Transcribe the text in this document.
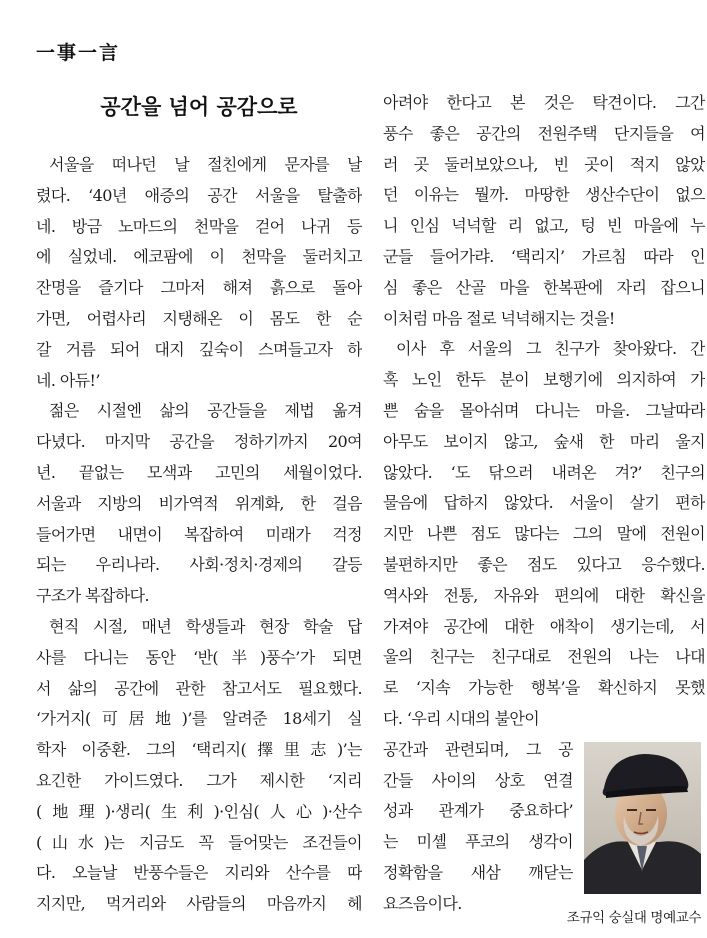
一事一言
공간을 넘어 공감으로
서울을 떠나던 날 절친에게 문자를 날
렸다. ‘40년 애증의 공간 서울을 탈출하
네. 방금 노마드의 천막을 걷어 나귀 등
에 실었네. 에코팜에 이 천막을 둘러치고
잔명을 즐기다 그마저 해져 흙으로 돌아
가면, 어렵사리 지탱해온 이 몸도 한 순
갈 거름 되어 대지 깊숙이 스며들고자 하
네. 아듀!’
젊은 시절엔 삶의 공간들을 제법 옮겨
다녔다. 마지막 공간을 정하기까지 20여
년. 끝없는 모색과 고민의 세월이었다.
서울과 지방의 비가역적 위계화, 한 걸음
들어가면 내면이 복잡하여 미래가 걱정
되는 우리나라. 사회·정치·경제의 갈등
구조가 복잡하다.
현직 시절, 매년 학생들과 현장 학술 답
사를 다니는 동안 ‘반(半)풍수’가 되면
서 삶의 공간에 관한 참고서도 필요했다.
‘가거지(可居地)’를 알려준 18세기 실
학자 이중환. 그의 ‘택리지(擇里志)’는
요긴한 가이드였다. 그가 제시한 ‘지리
(地理)·생리(生利)·인심(人心)·산수
(山水)는 지금도 꼭 들어맞는 조건들이
다. 오늘날 반풍수들은 지리와 산수를 따
지지만, 먹거리와 사람들의 마음까지 헤
아려야 한다고 본 것은 탁견이다. 그간
풍수 좋은 공간의 전원주택 단지들을 여
러 곳 둘러보았으나, 빈 곳이 적지 않았
던 이유는 뭘까. 마땅한 생산수단이 없으
니 인심 넉넉할 리 없고, 텅 빈 마을에 누
군들 들어가랴. ‘택리지’ 가르침 따라 인
심 좋은 산골 마을 한복판에 자리 잡으니
이처럼 마음 절로 넉넉해지는 것을!
이사 후 서울의 그 친구가 찾아왔다. 간
혹 노인 한두 분이 보행기에 의지하여 가
쁜 숨을 몰아쉬며 다니는 마을. 그날따라
아무도 보이지 않고, 숲새 한 마리 울지
않았다. ‘도 닦으러 내려온 겨?’ 친구의
물음에 답하지 않았다. 서울이 살기 편하
지만 나쁜 점도 많다는 그의 말에 전원이
불편하지만 좋은 점도 있다고 응수했다.
역사와 전통, 자유와 편의에 대한 확신을
가져야 공간에 대한 애착이 생기는데, 서
울의 친구는 친구대로 전원의 나는 나대
로 ‘지속 가능한 행복’을 확신하지 못했
다. ‘우리 시대의 불안이
공간과 관련되며, 그 공
간들 사이의 상호 연결
성과 관계가 중요하다’
는 미셸 푸코의 생각이
정확함을 새삼 깨닫는
요즈음이다.
조규익 숭실대 명예교수
